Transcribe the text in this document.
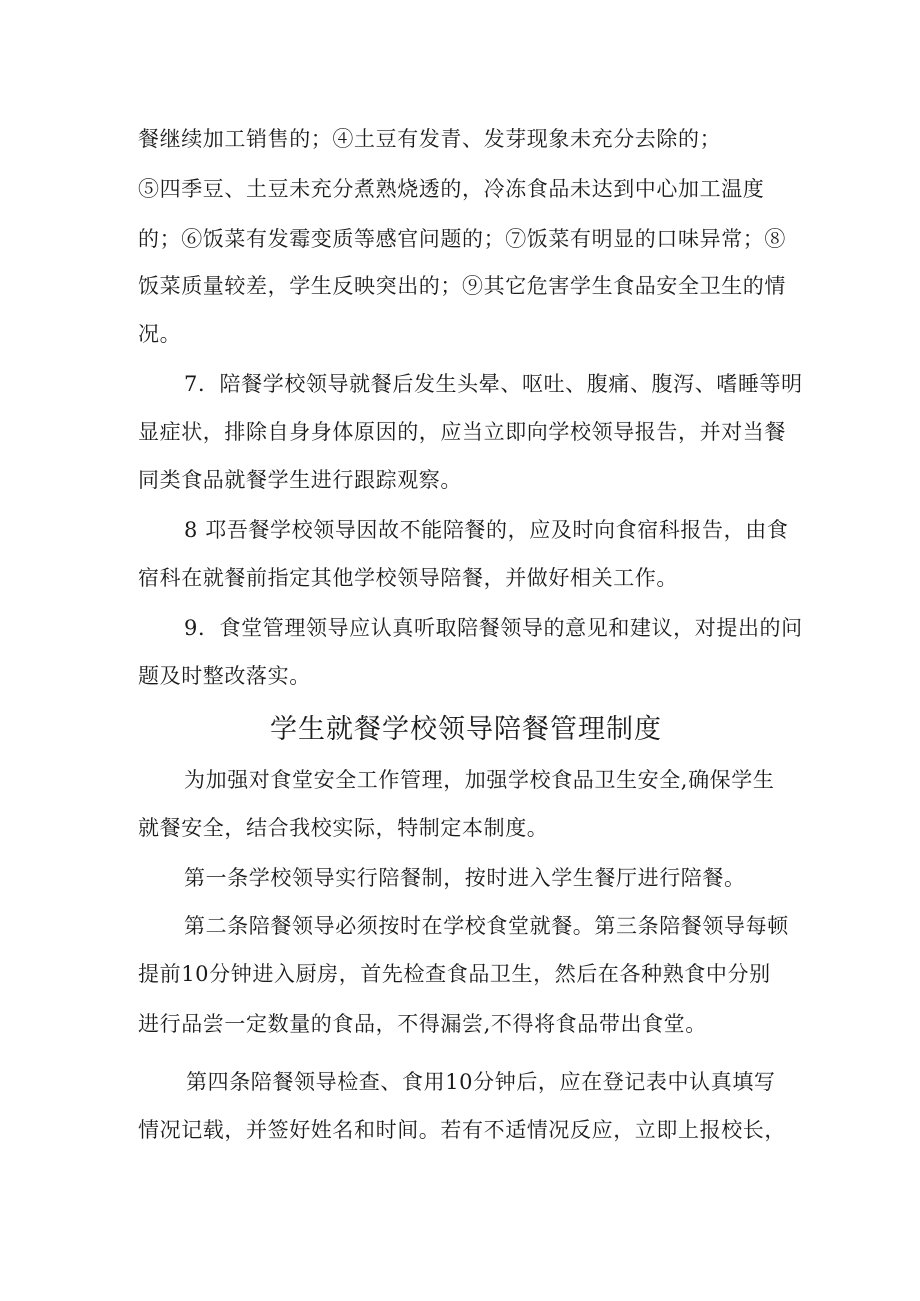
餐继续加工销售的；④土豆有发青、发芽现象未充分去除的；
⑤四季豆、土豆未充分煮熟烧透的，冷冻食品未达到中心加工温度
的；⑥饭菜有发霉变质等感官问题的；⑦饭菜有明显的口味异常；⑧
饭菜质量较差，学生反映突出的；⑨其它危害学生食品安全卫生的情
况。
7．陪餐学校领导就餐后发生头晕、呕吐、腹痛、腹泻、嗜睡等明
显症状，排除自身身体原因的，应当立即向学校领导报告，并对当餐
同类食品就餐学生进行跟踪观察。
8 邛吾餐学校领导因故不能陪餐的，应及时向食宿科报告，由食
宿科在就餐前指定其他学校领导陪餐，并做好相关工作。
9．食堂管理领导应认真听取陪餐领导的意见和建议，对提出的问
题及时整改落实。
学生就餐学校领导陪餐管理制度
为加强对食堂安全工作管理，加强学校食品卫生安全,确保学生
就餐安全，结合我校实际，特制定本制度。
第一条学校领导实行陪餐制，按时进入学生餐厅进行陪餐。
第二条陪餐领导必须按时在学校食堂就餐。第三条陪餐领导每顿
提前10分钟进入厨房，首先检查食品卫生，然后在各种熟食中分别
进行品尝一定数量的食品，不得漏尝,不得将食品带出食堂。
第四条陪餐领导检查、食用10分钟后，应在登记表中认真填写
情况记载，并签好姓名和时间。若有不适情况反应，立即上报校长，
